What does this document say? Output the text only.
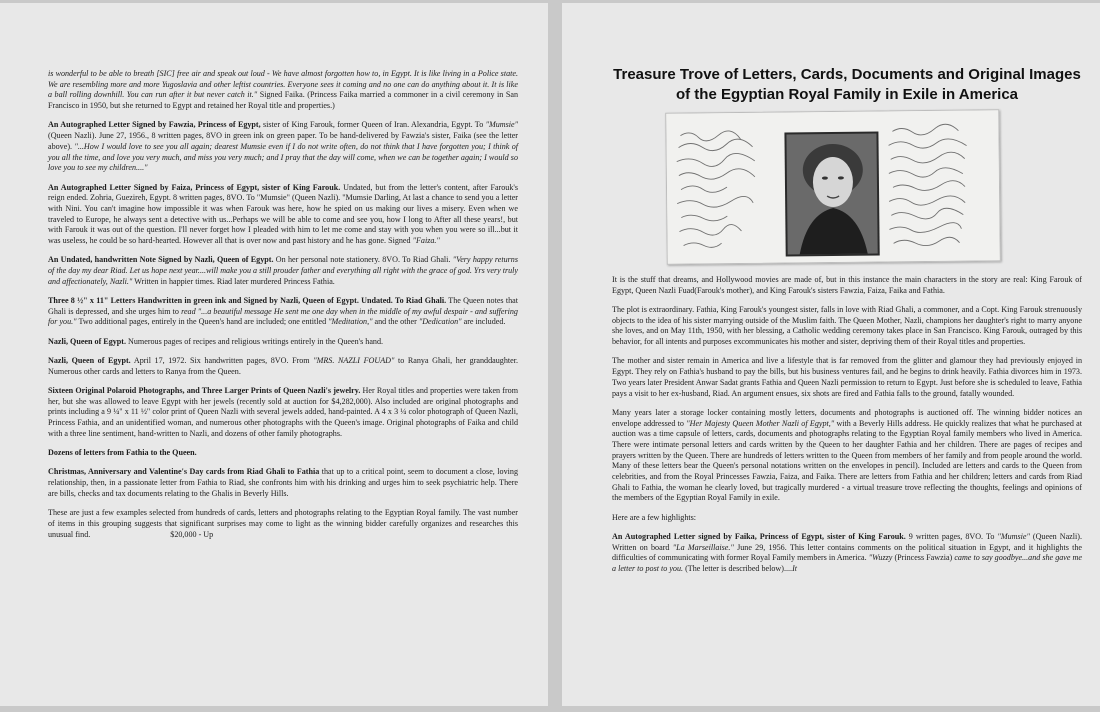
is wonderful to be able to breath [SIC] free air and speak out loud - We have almost forgotten how to, in Egypt. It is like living in a Police state. We are resembling more and more Yugoslavia and other leftist countries. Everyone sees it coming and no one can do anything about it. It is like a ball rolling downhill. You can run after it but never catch it." Signed Faika. (Princess Faika married a commoner in a civil ceremony in San Francisco in 1950, but she returned to Egypt and retained her Royal title and properties.)

An Autographed Letter Signed by Fawzia, Princess of Egypt, sister of King Farouk, former Queen of Iran. Alexandria, Egypt. To "Mumsie" (Queen Nazli). June 27, 1956., 8 written pages, 8VO in green ink on green paper. To be hand-delivered by Fawzia's sister, Faika (see the letter above). "...How I would love to see you all again; dearest Mumsie even if I do not write often, do not think that I have forgotten you; I think of you all the time, and love you very much, and miss you very much; and I pray that the day will come, when we can be together again; I would so love you to see my children...."

An Autographed Letter Signed by Faiza, Princess of Egypt, sister of King Farouk. Undated, but from the letter's content, after Farouk's reign ended. Zohria, Guezireh, Egypt. 8 written pages, 8VO. To "Mumsie" (Queen Nazli). "Mumsie Darling, At last a chance to send you a letter with Nini. You can't imagine how impossible it was when Farouk was here, how he spied on us making our lives a misery. Even when we traveled to Europe, he always sent a detective with us...Perhaps we will be able to come and see you, how I long to After all these years!, but with Farouk it was out of the question. I'll never forget how I pleaded with him to let me come and stay with you when you were so ill...but it was useless, he could be so hard-hearted. However all that is over now and past history and he has gone. Signed "Faiza."

An Undated, handwritten Note Signed by Nazli, Queen of Egypt. On her personal note stationery. 8VO. To Riad Ghali. "Very happy returns of the day my dear Riad. Let us hope next year....will make you a still prouder father and everything all right with the grace of god. Yrs very truly and affectionately, Nazli." Written in happier times. Riad later murdered Princess Fathia.

Three 8 ½" x 11" Letters Handwritten in green ink and Signed by Nazli, Queen of Egypt. Undated. To Riad Ghali. The Queen notes that Ghali is depressed, and she urges him to read "...a beautiful message He sent me one day when in the middle of my awful despair - and suffering for you." Two additional pages, entirely in the Queen's hand are included; one entitled "Meditation," and the other "Dedication" are included.

Nazli, Queen of Egypt. Numerous pages of recipes and religious writings entirely in the Queen's hand.

Nazli, Queen of Egypt. April 17, 1972. Six handwritten pages, 8VO. From "MRS. NAZLI FOUAD" to Ranya Ghali, her granddaughter. Numerous other cards and letters to Ranya from the Queen.

Sixteen Original Polaroid Photographs, and Three Larger Prints of Queen Nazli's jewelry. Her Royal titles and properties were taken from her, but she was allowed to leave Egypt with her jewels (recently sold at auction for $4,282,000). Also included are original photographs and prints including a 9 ¼" x 11 ½" color print of Queen Nazli with several jewels added, hand-painted. A 4 x 3 ¼ color photograph of Queen Nazli, Princess Fathia, and an unidentified woman, and numerous other photographs with the Queen's image. Original photographs of Faika and child with a three line sentiment, hand-written to Nazli, and dozens of other family photographs.

Dozens of letters from Fathia to the Queen.

Christmas, Anniversary and Valentine's Day cards from Riad Ghali to Fathia that up to a critical point, seem to document a close, loving relationship, then, in a passionate letter from Fathia to Riad, she confronts him with his drinking and urges him to seek psychiatric help. There are bills, checks and tax documents relating to the Ghalis in Beverly Hills.

These are just a few examples selected from hundreds of cards, letters and photographs relating to the Egyptian Royal family. The vast number of items in this grouping suggests that significant surprises may come to light as the winning bidder carefully organizes and researches this unusual find.	$20,000 - Up

Treasure Trove of Letters, Cards, Documents and Original Images
of the Egyptian Royal Family in Exile in America

It is the stuff that dreams, and Hollywood movies are made of, but in this instance the main characters in the story are real: King Farouk of Egypt, Queen Nazli Fuad(Farouk's mother), and King Farouk's sisters Fawzia, Faiza, Faika and Fathia.

The plot is extraordinary. Fathia, King Farouk's youngest sister, falls in love with Riad Ghali, a commoner, and a Copt. King Farouk strenuously objects to the idea of his sister marrying outside of the Muslim faith. The Queen Mother, Nazli, champions her daughter's right to marry anyone she loves, and on May 11th, 1950, with her blessing, a Catholic wedding ceremony takes place in San Francisco. King Farouk, outraged by this behavior, for all intents and purposes excommunicates his mother and sister, depriving them of their Royal titles and properties.

The mother and sister remain in America and live a lifestyle that is far removed from the glitter and glamour they had previously enjoyed in Egypt. They rely on Fathia's husband to pay the bills, but his business ventures fail, and he begins to drink heavily. Fathia divorces him in 1973. Two years later President Anwar Sadat grants Fathia and Queen Nazli permission to return to Egypt. Just before she is scheduled to leave, Fathia pays a visit to her ex-husband, Riad. An argument ensues, six shots are fired and Fathia falls to the ground, fatally wounded.

Many years later a storage locker containing mostly letters, documents and photographs is auctioned off. The winning bidder notices an envelope addressed to "Her Majesty Queen Mother Nazli of Egypt," with a Beverly Hills address. He quickly realizes that what he purchased at auction was a time capsule of letters, cards, documents and photographs relating to the Egyptian Royal family members who lived in America. There were intimate personal letters and cards written by the Queen to her daughter Fathia and her children. There are pages of recipes and prayers written by the Queen. There are hundreds of letters written to the Queen from members of her family and from people around the world. Many of these letters bear the Queen's personal notations written on the envelopes in pencil). Included are letters and cards to the Queen from celebrities, and from the Royal Princesses Fawzia, Faiza, and Faika. There are letters from Fathia and her children; letters and cards from Riad Ghali to Fathia, the woman he clearly loved, but tragically murdered - a virtual treasure trove reflecting the thoughts, feelings and opinions of the members of the Egyptian Royal Family in exile.

Here are a few highlights:

An Autographed Letter signed by Faika, Princess of Egypt, sister of King Farouk. 9 written pages, 8VO. To "Mumsie" (Queen Nazli). Written on board "La Marseillaise." June 29, 1956. This letter contains comments on the political situation in Egypt, and it highlights the difficulties of communicating with former Royal Family members in America. "Wuzzy (Princess Fawzia) came to say goodbye...and she gave me a letter to post to you. (The letter is described below)....It
